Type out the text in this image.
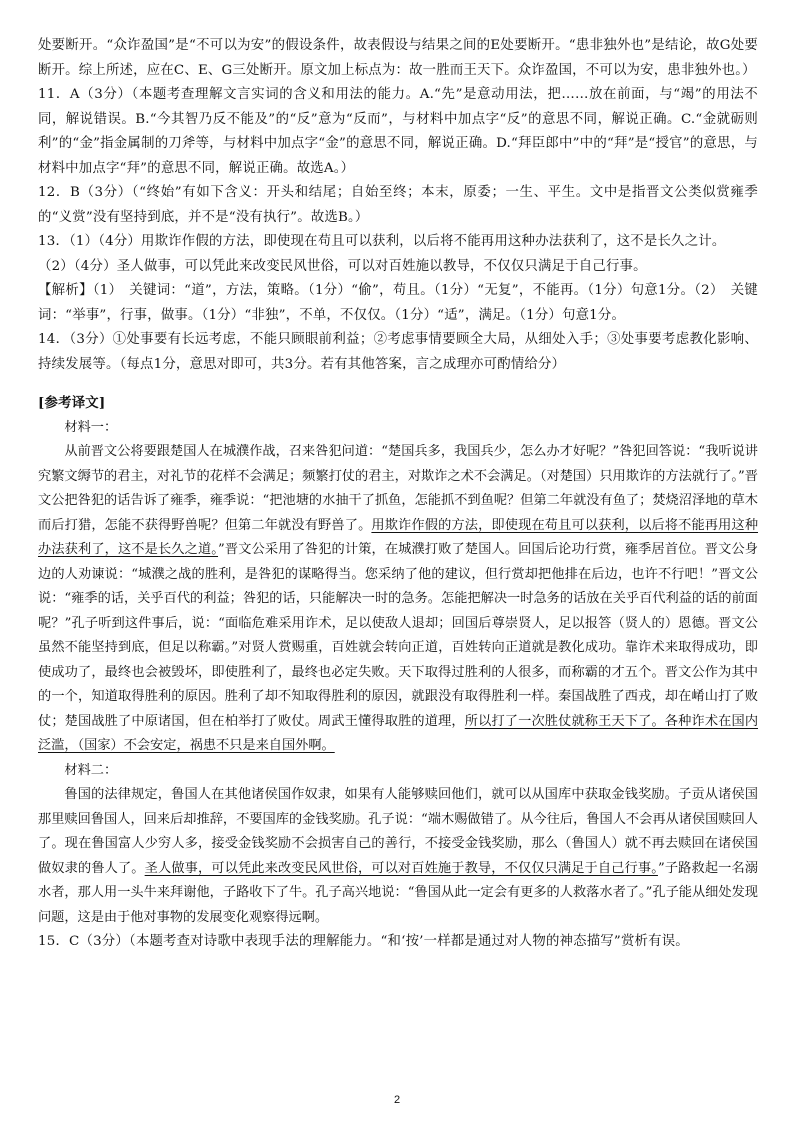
处要断开。“众诈盈国”是“不可以为安”的假设条件，故表假设与结果之间的E处要断开。“患非独外也”是结论，故G处要断开。综上所述，应在C、E、G三处断开。原文加上标点为：故一胜而王天下。众诈盈国，不可以为安，患非独外也。）

11．A（3分）（本题考查理解文言实词的含义和用法的能力。A.“先”是意动用法，把……放在前面，与“竭”的用法不同，解说错误。B.“今其智乃反不能及”的“反”意为“反而”，与材料中加点字“反”的意思不同，解说正确。C.“金就砺则利”的“金”指金属制的刀斧等，与材料中加点字“金”的意思不同，解说正确。D.“拜臣郎中”中的“拜”是“授官”的意思，与材料中加点字“拜”的意思不同，解说正确。故选A。）

12．B（3分）（“终始”有如下含义：开头和结尾；自始至终；本末，原委；一生、平生。文中是指晋文公类似赏雍季的“义赏”没有坚持到底，并不是“没有执行”。故选B。）

13．（1）（4分）用欺诈作假的方法，即使现在苟且可以获利，以后将不能再用这种办法获利了，这不是长久之计。

（2）（4分）圣人做事，可以凭此来改变民风世俗，可以对百姓施以教导，不仅仅只满足于自己行事。

【解析】（1）　关键词：“道”，方法，策略。（1分）“偷”，苟且。（1分）“无复”，不能再。（1分）句意1分。（2）　关键词：“举事”，行事，做事。（1分）“非独”，不单，不仅仅。（1分）“适”，满足。（1分）句意1分。

14．（3分）①处事要有长远考虑，不能只顾眼前利益；②考虑事情要顾全大局，从细处入手；③处事要考虑教化影响、持续发展等。（每点1分，意思对即可，共3分。若有其他答案，言之成理亦可酌情给分）

[参考译文]

材料一：

从前晋文公将要跟楚国人在城濮作战，召来咎犯问道：“楚国兵多，我国兵少，怎么办才好呢？”咎犯回答说：“我听说讲究繁文缛节的君主，对礼节的花样不会满足；频繁打仗的君主，对欺诈之术不会满足。（对楚国）只用欺诈的方法就行了。”晋文公把咎犯的话告诉了雍季，雍季说：“把池塘的水抽干了抓鱼，怎能抓不到鱼呢？但第二年就没有鱼了；焚烧沼泽地的草木而后打猎，怎能不获得野兽呢？但第二年就没有野兽了。用欺诈作假的方法，即使现在苟且可以获利，以后将不能再用这种办法获利了，这不是长久之道。”晋文公采用了咎犯的计策，在城濮打败了楚国人。回国后论功行赏，雍季居首位。晋文公身边的人劝谏说：“城濮之战的胜利，是咎犯的谋略得当。您采纳了他的建议，但行赏却把他排在后边，也许不行吧！”晋文公说：“雍季的话，关乎百代的利益；咎犯的话，只能解决一时的急务。怎能把解决一时急务的话放在关乎百代利益的话的前面呢？”孔子听到这件事后，说：“面临危难采用诈术，足以使敌人退却；回国后尊崇贤人，足以报答（贤人的）恩德。晋文公虽然不能坚持到底，但足以称霸。”对贤人赏赐重，百姓就会转向正道，百姓转向正道就是教化成功。靠诈术来取得成功，即使成功了，最终也会被毁坏，即使胜利了，最终也必定失败。天下取得过胜利的人很多，而称霸的才五个。晋文公作为其中的一个，知道取得胜利的原因。胜利了却不知取得胜利的原因，就跟没有取得胜利一样。秦国战胜了西戎，却在崤山打了败仗；楚国战胜了中原诸国，但在柏举打了败仗。周武王懂得取胜的道理，所以打了一次胜仗就称王天下了。各种诈术在国内泛滥，（国家）不会安定，祸患不只是来自国外啊。

材料二：

鲁国的法律规定，鲁国人在其他诸侯国作奴隶，如果有人能够赎回他们，就可以从国库中获取金钱奖励。子贡从诸侯国那里赎回鲁国人，回来后却推辞，不要国库的金钱奖励。孔子说：“端木赐做错了。从今往后，鲁国人不会再从诸侯国赎回人了。现在鲁国富人少穷人多，接受金钱奖励不会损害自己的善行，不接受金钱奖励，那么（鲁国人）就不再去赎回在诸侯国做奴隶的鲁人了。圣人做事，可以凭此来改变民风世俗，可以对百姓施于教导，不仅仅只满足于自己行事。”子路救起一名溺水者，那人用一头牛来拜谢他，子路收下了牛。孔子高兴地说：“鲁国从此一定会有更多的人救落水者了。”孔子能从细处发现问题，这是由于他对事物的发展变化观察得远啊。

15．C（3分）（本题考查对诗歌中表现手法的理解能力。“和‘按’一样都是通过对人物的神态描写”赏析有误。

2
